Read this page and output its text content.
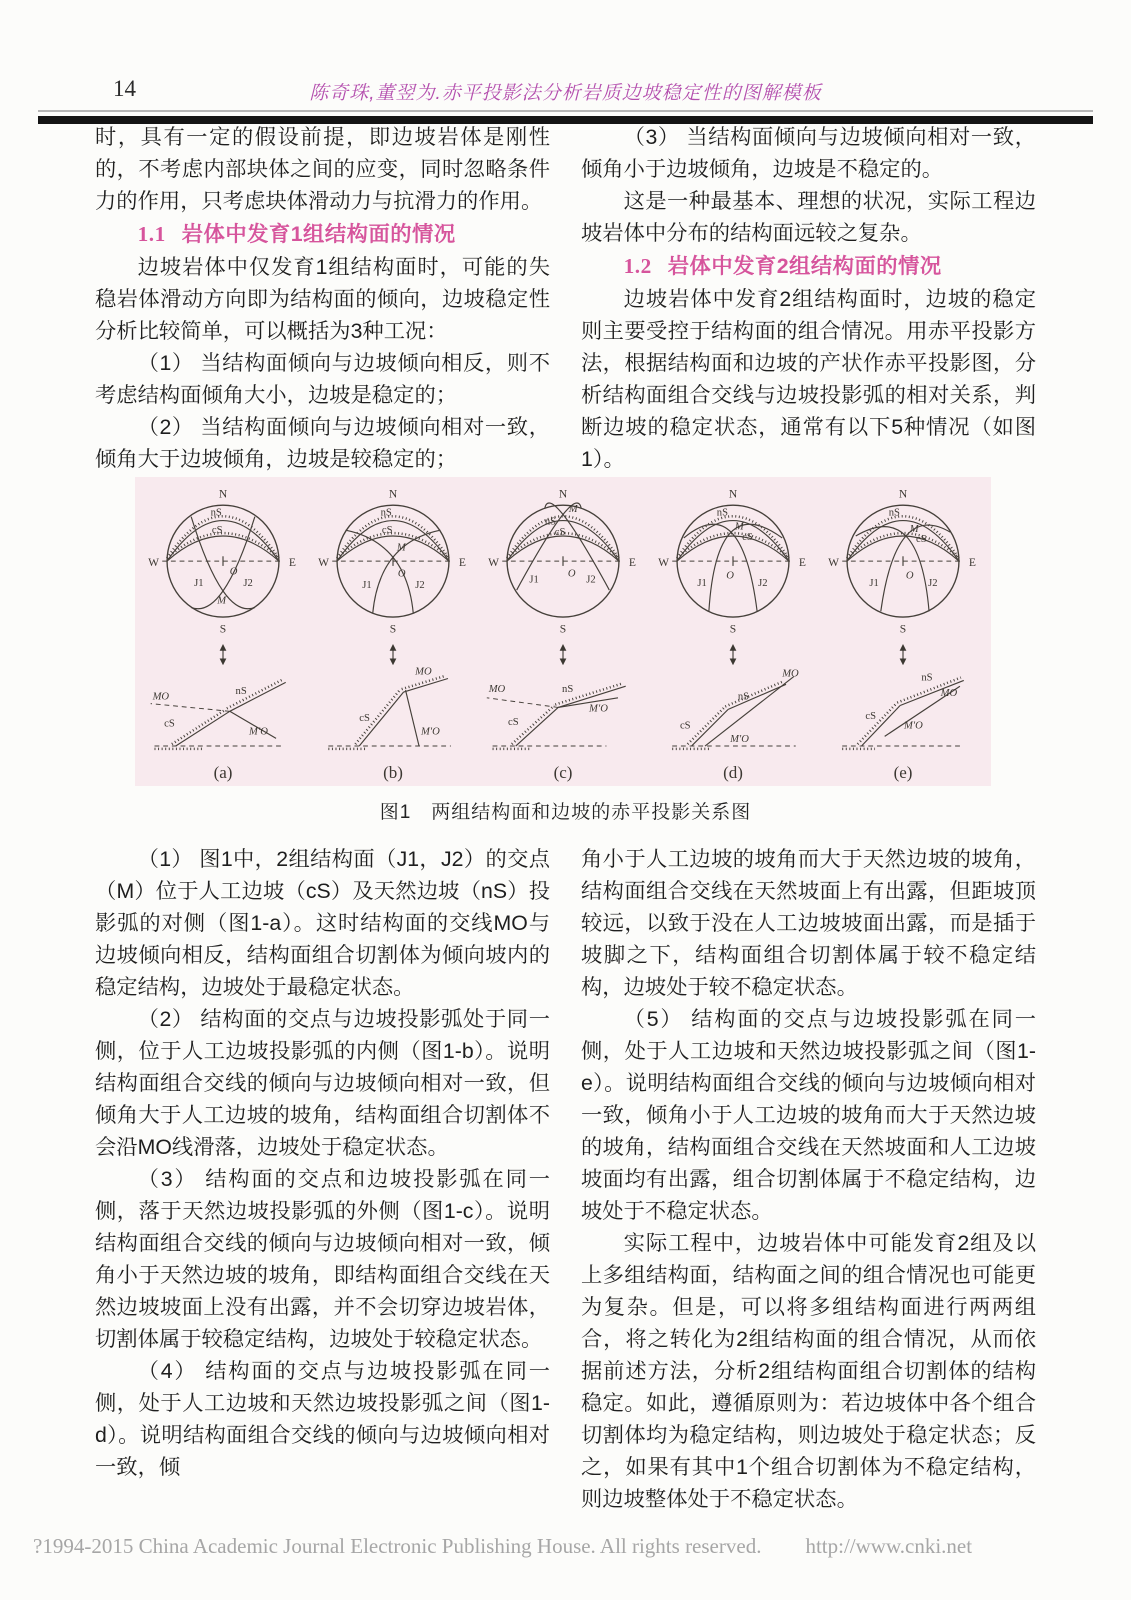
14	陈奇珠,董翌为.赤平投影法分析岩质边坡稳定性的图解模板

时，具有一定的假设前提，即边坡岩体是刚性的，不考虑内部块体之间的应变，同时忽略条件力的作用，只考虑块体滑动力与抗滑力的作用。

1.1 岩体中发育1组结构面的情况

边坡岩体中仅发育1组结构面时，可能的失稳岩体滑动方向即为结构面的倾向，边坡稳定性分析比较简单，可以概括为3种工况：

（1） 当结构面倾向与边坡倾向相反，则不考虑结构面倾角大小，边坡是稳定的；

（2） 当结构面倾向与边坡倾向相对一致，倾角大于边坡倾角，边坡是较稳定的；

（3） 当结构面倾向与边坡倾向相对一致，倾角小于边坡倾角，边坡是不稳定的。

这是一种最基本、理想的状况，实际工程边坡岩体中分布的结构面远较之复杂。

1.2 岩体中发育2组结构面的情况

边坡岩体中发育2组结构面时，边坡的稳定则主要受控于结构面的组合情况。用赤平投影方法，根据结构面和边坡的产状作赤平投影图，分析结构面组合交线与边坡投影弧的相对关系，判断边坡的稳定状态，通常有以下5种情况（如图1）。

N
S
W	E
nS
cS
O
J1	J2
M
MO
M′O
cS
nS
(a)
N
S
W	E
nS
cS
M
O
J1	J2
MO
M′O
cS
(b)
N
S
W	E
M
nS
cS
O
J1	J2
MO
M′O
cS
nS
(c)
N
S
W	E
nS
M
cS
O
J1	J2
MO
M′O
cS
nS
(d)
N
S
W	E
nS
M
cS
O
J1	J2
nS
MO
cS
M′O
(e)
图1　两组结构面和边坡的赤平投影关系图

（1） 图1中，2组结构面（J1，J2）的交点（M）位于人工边坡（cS）及天然边坡（nS）投影弧的对侧（图1-a）。这时结构面的交线MO与边坡倾向相反，结构面组合切割体为倾向坡内的稳定结构，边坡处于最稳定状态。

（2） 结构面的交点与边坡投影弧处于同一侧，位于人工边坡投影弧的内侧（图1-b）。说明结构面组合交线的倾向与边坡倾向相对一致，但倾角大于人工边坡的坡角，结构面组合切割体不会沿MO线滑落，边坡处于稳定状态。

（3） 结构面的交点和边坡投影弧在同一侧，落于天然边坡投影弧的外侧（图1-c）。说明结构面组合交线的倾向与边坡倾向相对一致，倾角小于天然边坡的坡角，即结构面组合交线在天然边坡坡面上没有出露，并不会切穿边坡岩体，切割体属于较稳定结构，边坡处于较稳定状态。

（4） 结构面的交点与边坡投影弧在同一侧，处于人工边坡和天然边坡投影弧之间（图1-d）。说明结构面组合交线的倾向与边坡倾向相对一致，倾

角小于人工边坡的坡角而大于天然边坡的坡角，结构面组合交线在天然坡面上有出露，但距坡顶较远，以致于没在人工边坡坡面出露，而是插于坡脚之下，结构面组合切割体属于较不稳定结构，边坡处于较不稳定状态。

（5） 结构面的交点与边坡投影弧在同一侧，处于人工边坡和天然边坡投影弧之间（图1-e）。说明结构面组合交线的倾向与边坡倾向相对一致，倾角小于人工边坡的坡角而大于天然边坡的坡角，结构面组合交线在天然坡面和人工边坡坡面均有出露，组合切割体属于不稳定结构，边坡处于不稳定状态。

实际工程中，边坡岩体中可能发育2组及以上多组结构面，结构面之间的组合情况也可能更为复杂。但是，可以将多组结构面进行两两组合，将之转化为2组结构面的组合情况，从而依据前述方法，分析2组结构面组合切割体的结构稳定。如此，遵循原则为：若边坡体中各个组合切割体均为稳定结构，则边坡处于稳定状态；反之，如果有其中1个组合切割体为不稳定结构，则边坡整体处于不稳定状态。

?1994-2015 China Academic Journal Electronic Publishing House. All rights reserved. http://www.cnki.net
